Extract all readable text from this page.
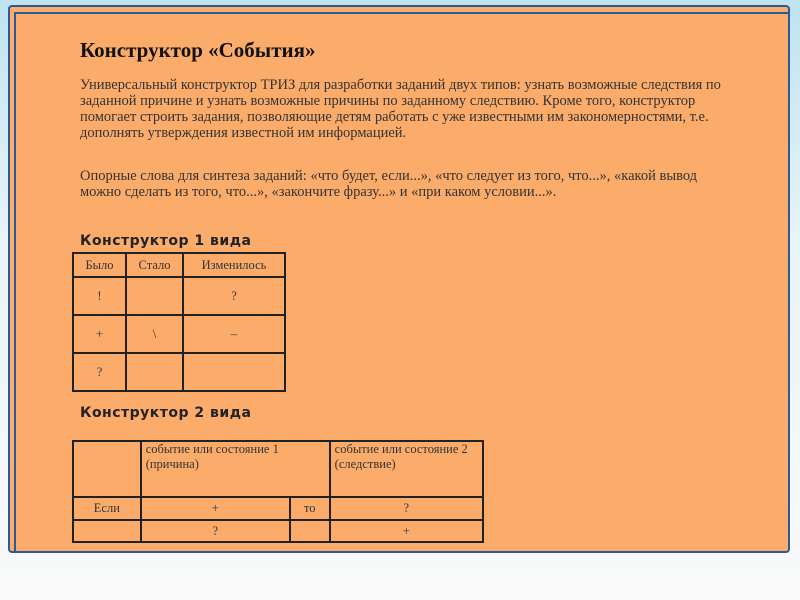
Конструктор «События»
Универсальный конструктор ТРИЗ для разработки заданий двух типов: узнать возможные следствия по заданной причине и узнать возможные причины по заданному следствию. Кроме того, конструктор помогает строить задания, позволяющие детям работать с уже известными им закономерностями, т.е. дополнять утверждения известной им информацией.
Опорные слова для синтеза заданий: «что будет, если...», «что следует из того, что...», «какой вывод можно сделать из того, что...», «закончите фразу...» и «при каком условии...».
Конструктор 1 вида
Было	Стало	Изменилось
!		?
+	\	–
?		
Конструктор 2 вида
	событие или состояние 1 (причина)		событие или состояние 2 (следствие)
Если	+	то	?
	?		+
